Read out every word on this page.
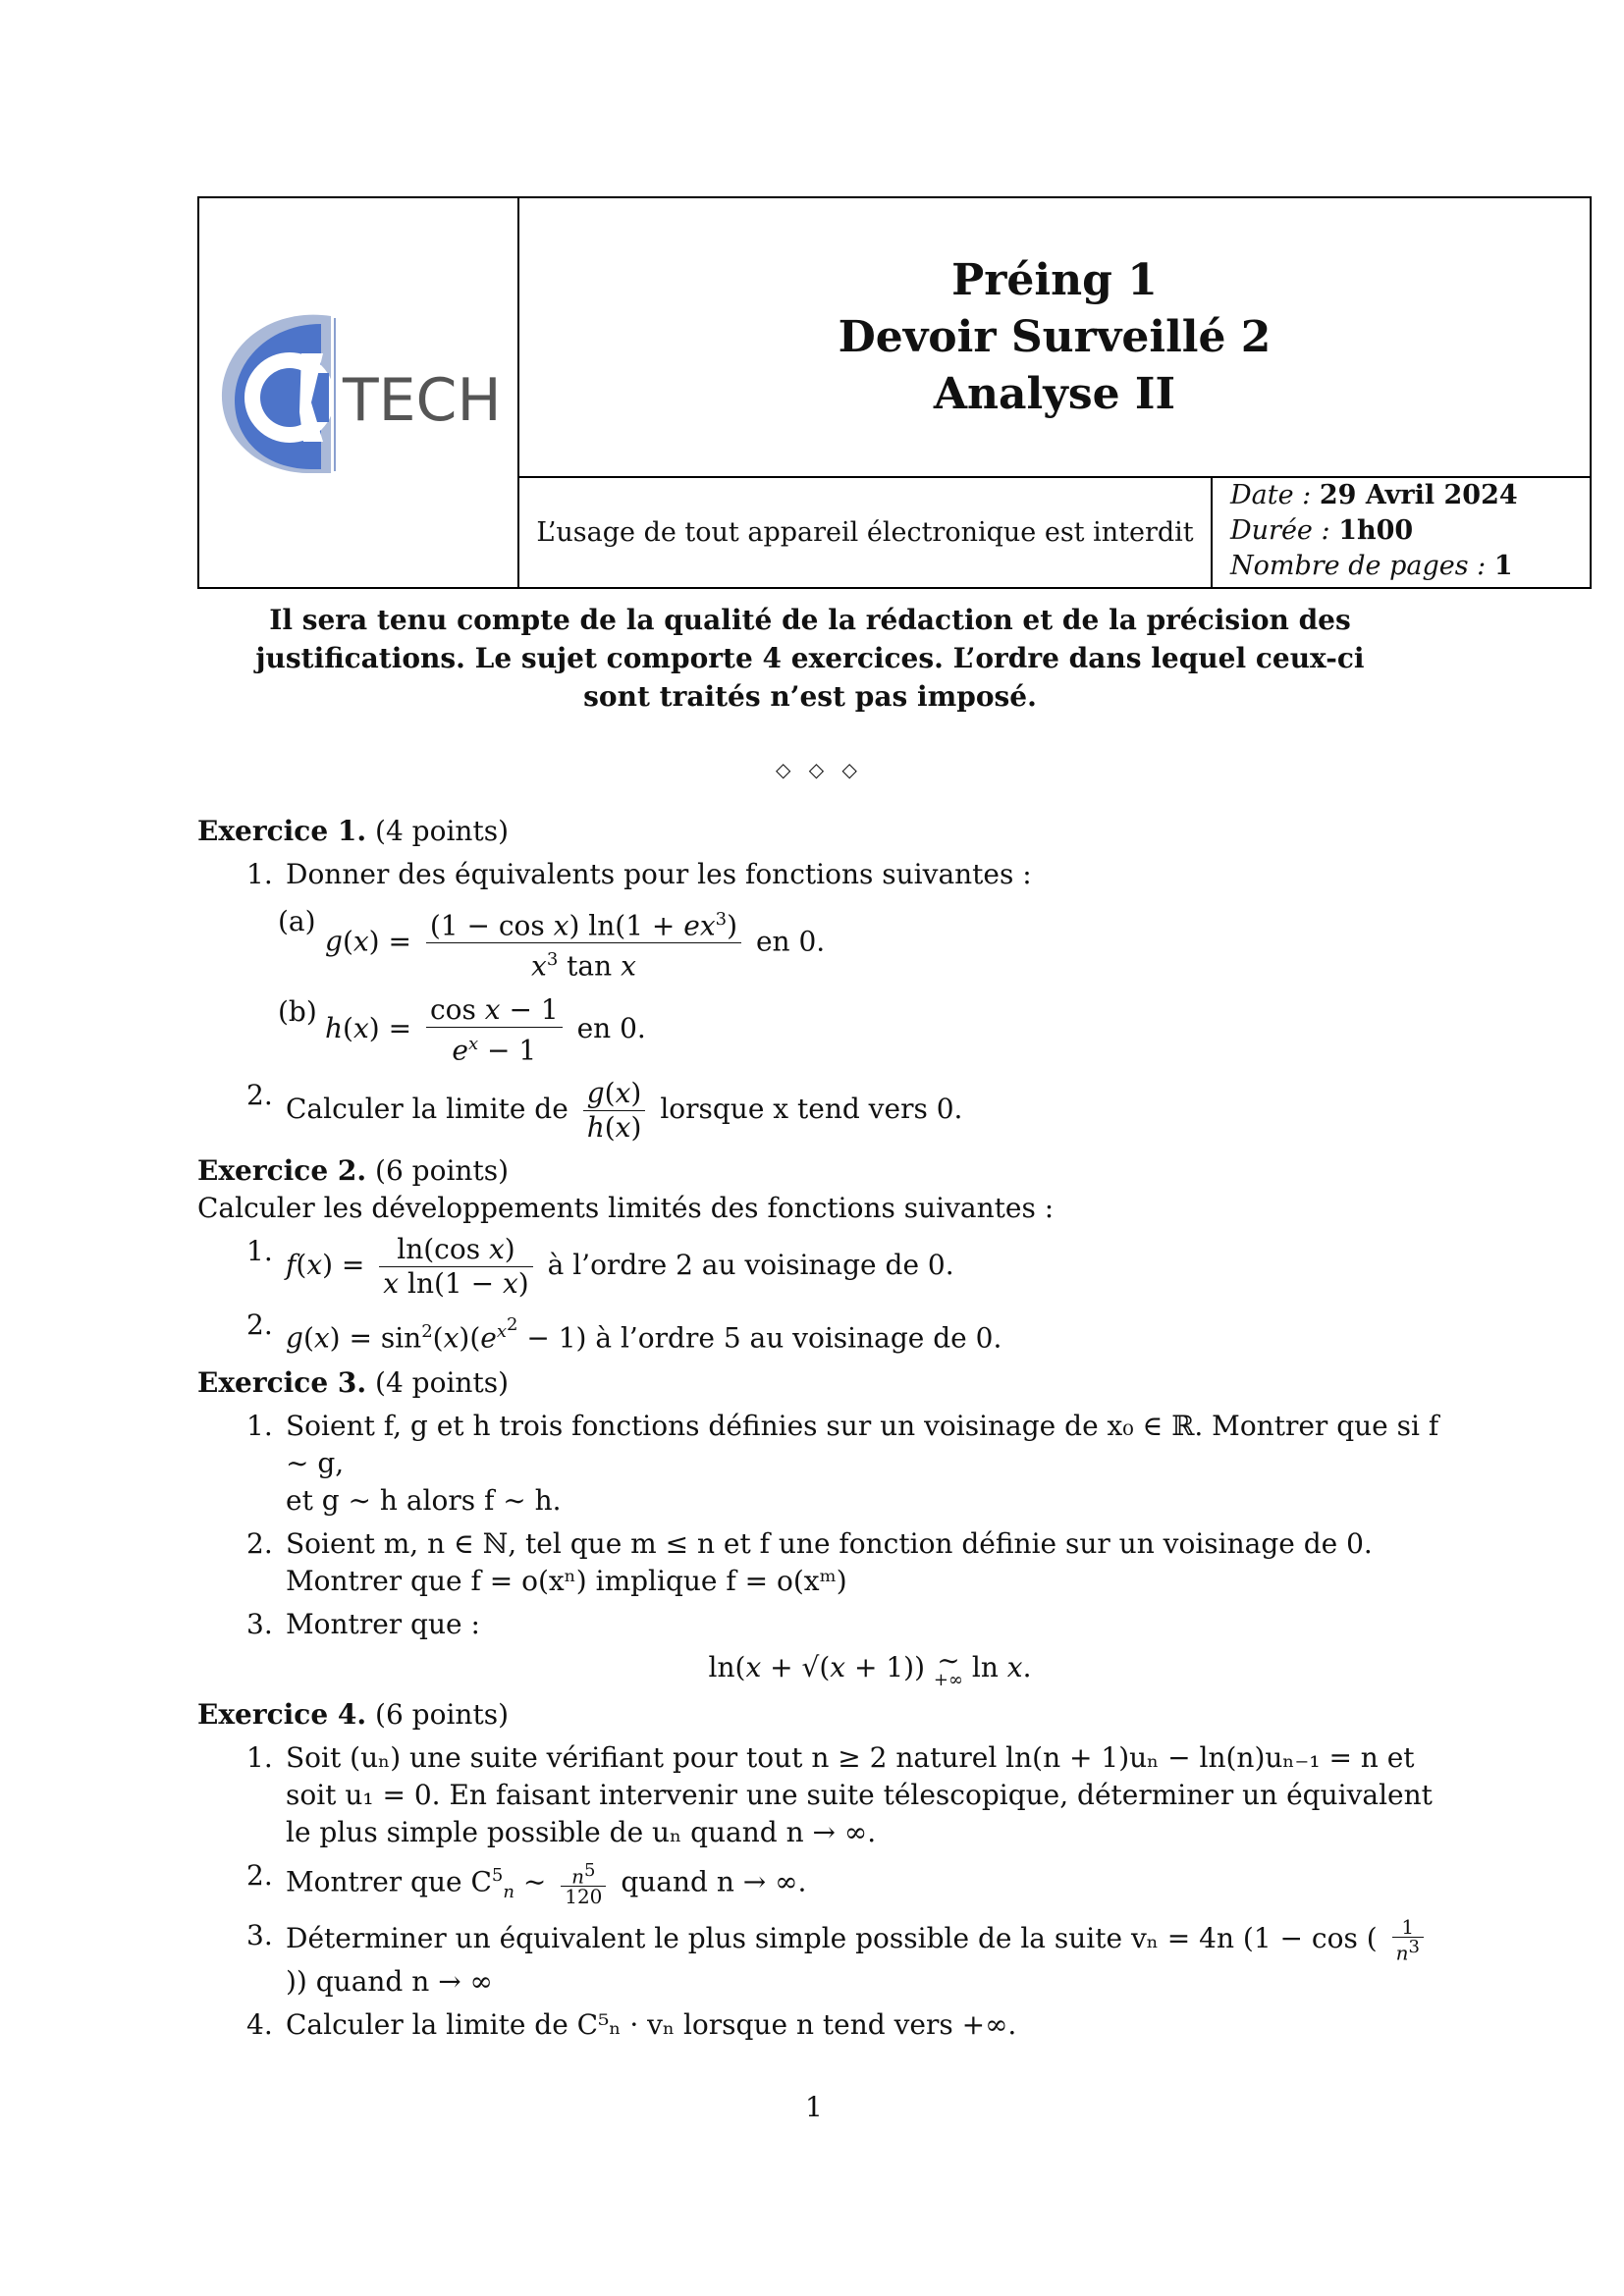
TECH
Préing 1
Devoir Surveillé 2
Analyse II
L’usage de tout appareil électronique est interdit
Date : 29 Avril 2024
Durée : 1h00
Nombre de pages : 1
Il sera tenu compte de la qualité de la rédaction et de la précision des justifications. Le sujet comporte 4 exercices. L’ordre dans lequel ceux-ci sont traités n’est pas imposé.
◇ ◇ ◇
Exercice 1. (4 points)
1. Donner des équivalents pour les fonctions suivantes :
(a)
$g(x) = \frac{(1 - \cos x) \ln(1 + ex^3)}{x^3 \tan x}$ en 0.
(b)
$h(x) = \frac{\text{cos x − 1}}{e^x - 1}$ en 0.
2. Calculer la limite de $\frac{g(x)}{h(x)}$ lorsque x tend vers 0.
Exercice 2. (6 points)
Calculer les développements limités des fonctions suivantes :
1. $f(x) = \frac{\text{ln(cos x)}}{\text{x ln(1 − x)}}$ à l’ordre 2 au voisinage de 0.
2. $g(x) = \sin^2(x)(e^{x^2} - 1)$ à l’ordre 5 au voisinage de 0.
Exercice 3. (4 points)
1. Soient f, g et h trois fonctions définies sur un voisinage de x₀ ∈ ℝ. Montrer que si f ∼ g,
et g ∼ h alors f ∼ h.
2. Soient m, n ∈ ℕ, tel que m ≤ n et f une fonction définie sur un voisinage de 0. Montrer que f = o(xⁿ) implique f = o(xᵐ)
3. Montrer que :
ln(x + √(x + 1)) ∼
+∞ ln x.
Exercice 4. (6 points)
1. Soit (uₙ) une suite vérifiant pour tout n ≥ 2 naturel ln(n + 1)uₙ − ln(n)uₙ₋₁ = n et soit u₁ = 0. En faisant intervenir une suite télescopique, déterminer un équivalent le plus simple possible de uₙ quand n → ∞.
2. Montrer que $C^5_n$ ∼ $\frac{n^5}{120}$ quand n → ∞.
3. Déterminer un équivalent le plus simple possible de la suite vₙ = 4n (1 − cos ( $\frac{1}{n^3}$
)) quand n → ∞
4. Calculer la limite de C⁵ₙ · vₙ lorsque n tend vers +∞.
1
